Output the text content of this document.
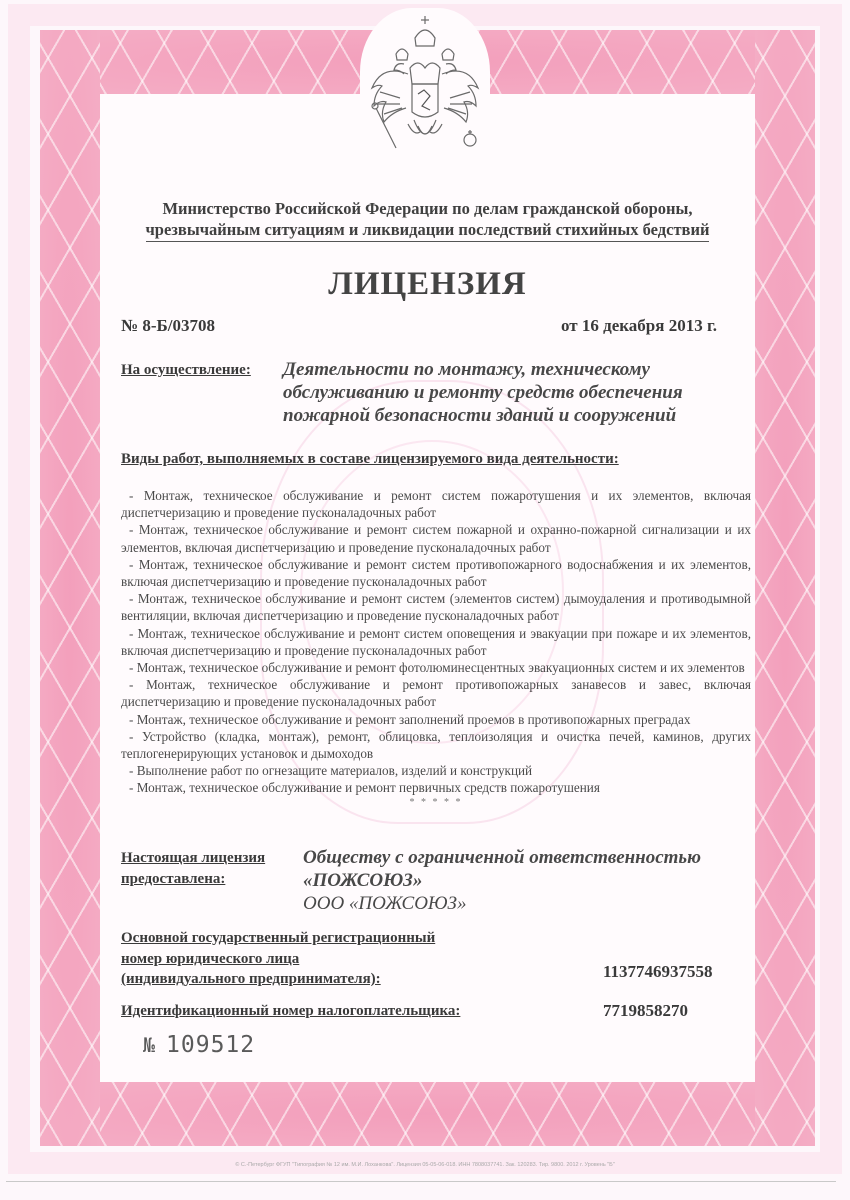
Министерство Российской Федерации по делам гражданской обороны,
чрезвычайным ситуациям и ликвидации последствий стихийных бедствий
ЛИЦЕНЗИЯ
№ 8-Б/03708	от 16 декабря 2013 г.
На осуществление: Деятельности по монтажу, техническому
обслуживанию и ремонту средств обеспечения
пожарной безопасности зданий и сооружений
Виды работ, выполняемых в составе лицензируемого вида деятельности:
- Монтаж, техническое обслуживание и ремонт систем пожаротушения и их элементов, включая диспетчеризацию и проведение пусконаладочных работ
- Монтаж, техническое обслуживание и ремонт систем пожарной и охранно-пожарной сигнализации и их элементов, включая диспетчеризацию и проведение пусконаладочных работ
- Монтаж, техническое обслуживание и ремонт систем противопожарного водоснабжения и их элементов, включая диспетчеризацию и проведение пусконаладочных работ
- Монтаж, техническое обслуживание и ремонт систем (элементов систем) дымоудаления и противодымной вентиляции, включая диспетчеризацию и проведение пусконаладочных работ
- Монтаж, техническое обслуживание и ремонт систем оповещения и эвакуации при пожаре и их элементов, включая диспетчеризацию и проведение пусконаладочных работ
- Монтаж, техническое обслуживание и ремонт фотолюминесцентных эвакуационных систем и их элементов
- Монтаж, техническое обслуживание и ремонт противопожарных занавесов и завес, включая диспетчеризацию и проведение пусконаладочных работ
- Монтаж, техническое обслуживание и ремонт заполнений проемов в противопожарных преградах
- Устройство (кладка, монтаж), ремонт, облицовка, теплоизоляция и очистка печей, каминов, других теплогенерирующих установок и дымоходов
- Выполнение работ по огнезащите материалов, изделий и конструкций
- Монтаж, техническое обслуживание и ремонт первичных средств пожаротушения
* * * * *
Настоящая лицензия
предоставлена:
Обществу с ограниченной ответственностью
«ПОЖСОЮЗ»
ООО «ПОЖСОЮЗ»
Основной государственный регистрационный
номер юридического лица
(индивидуального предпринимателя):	1137746937558
Идентификационный номер налогоплательщика:	7719858270
№ 109512
© С.-Петербург ФГУП "Типография № 12 им. М.И. Лоханкова". Лицензия 05-05-06-018. ИНН 7808037741. Зак. 120283. Тир. 9800. 2012 г. Уровень "Б"
